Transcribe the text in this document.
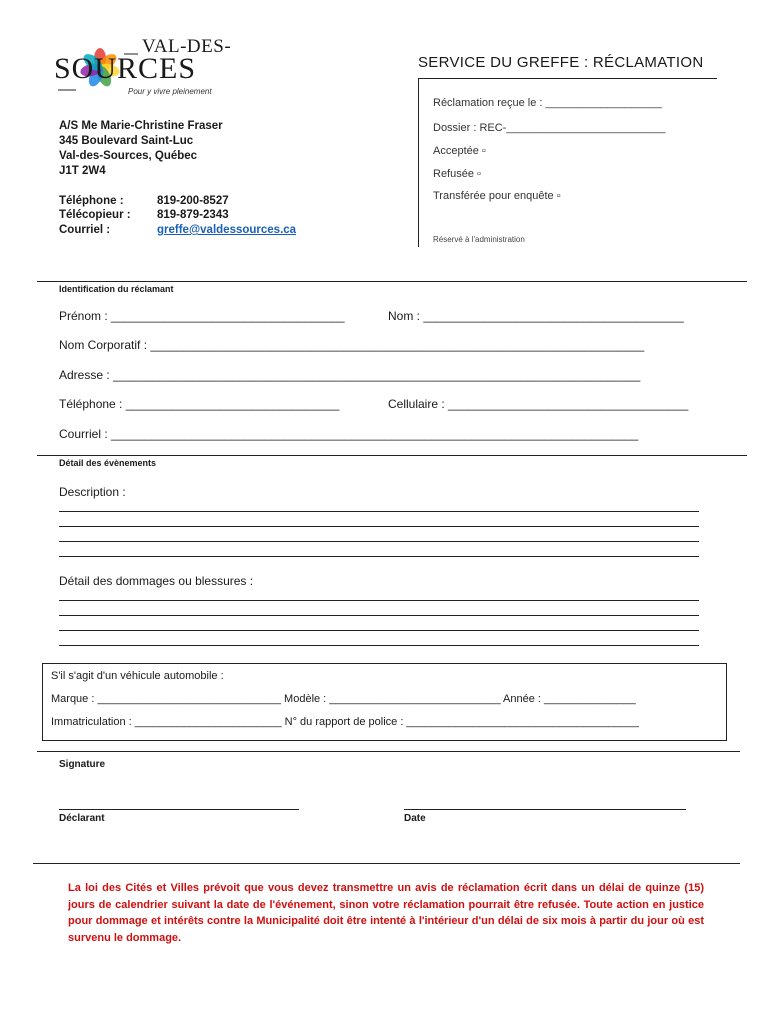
VAL-DES-
SOURCES
Pour y vivre pleinement
SERVICE DU GREFFE : RÉCLAMATION
Réclamation reçue le : ___________________
Dossier : REC-__________________________
Acceptée ▫
Refusée ▫
Transférée pour enquête ▫
Réservé à l'administration
A/S Me Marie-Christine Fraser
345 Boulevard Saint-Luc
Val-des-Sources, Québec
J1T 2W4
Téléphone :	819-200-8527
Télécopieur : 819-879-2343
Courriel :	greffe@valdessources.ca
Identification du réclamant
Prénom : ___________________________________	Nom : _______________________________________
Nom Corporatif : __________________________________________________________________________
Adresse : _______________________________________________________________________________
Téléphone : ________________________________	Cellulaire : ____________________________________
Courriel : _______________________________________________________________________________
Détail des évènements
Description :
Détail des dommages ou blessures :
S'il s'agit d'un véhicule automobile :
Marque : ______________________________ Modèle : ____________________________ Année : _______________
Immatriculation : ________________________ N° du rapport de police : ______________________________________
Signature
Déclarant	Date
La loi des Cités et Villes prévoit que vous devez transmettre un avis de réclamation écrit dans un délai de quinze (15) jours de calendrier suivant la date de l'événement, sinon votre réclamation pourrait être refusée. Toute action en justice pour dommage et intérêts contre la Municipalité doit être intenté à l'intérieur d'un délai de six mois à partir du jour où est survenu le dommage.
